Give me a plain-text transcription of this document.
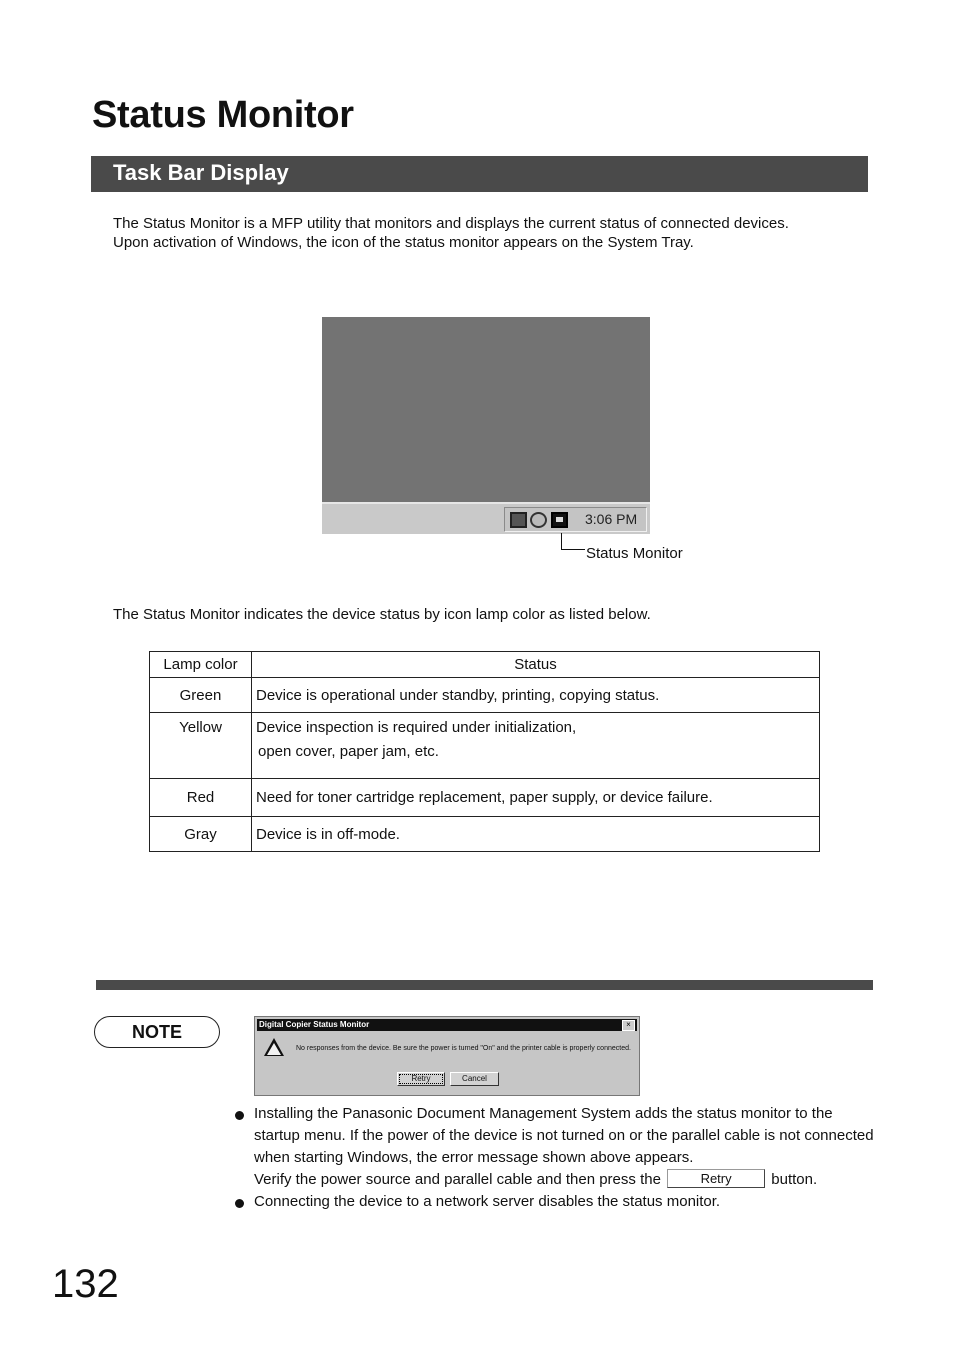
Status Monitor
Task Bar Display

The Status Monitor is a MFP utility that monitors and displays the current status of connected devices.

Upon activation of Windows, the icon of the status monitor appears on the System Tray.

3:06 PM
Status Monitor
The Status Monitor indicates the device status by icon lamp color as listed below.
Lamp color	Status
Green	Device is operational under standby, printing, copying status.
Yellow	Device inspection is required under initialization,
open cover, paper jam, etc.

Red	Need for toner cartridge replacement, paper supply, or device failure.
Gray	Device is in off-mode.
NOTE	Digital Copier Status Monitor	×
No responses from the device. Be sure the power is turned "On" and the printer cable is properly connected.
Retry	Cancel
Installing the Panasonic Document Management System adds the status monitor to the startup menu. If the power of the device is not turned on or the parallel cable is not connected when starting Windows, the error message shown above appears.
Verify the power source and parallel cable and then press the	Retry	button.
Connecting the device to a network server disables the status monitor.
132
